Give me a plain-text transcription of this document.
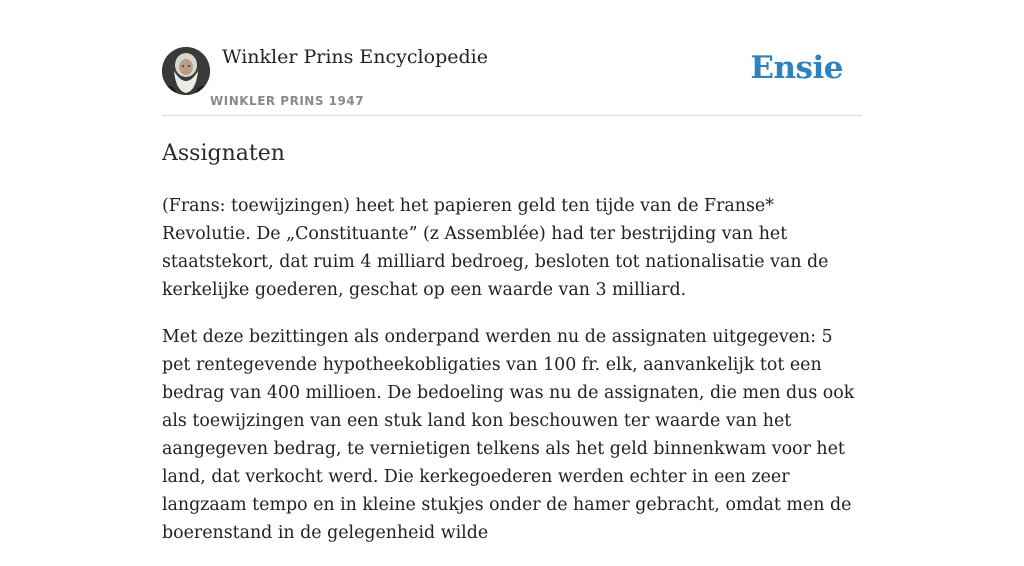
Winkler Prins Encyclopedie
WINKLER PRINS 1947
Ensie
Assignaten

(Frans: toewijzingen) heet het papieren geld ten tijde van de Franse* Revolutie. De „Constituante” (z Assemblée) had ter bestrijding van het staatstekort, dat ruim 4 milliard bedroeg, besloten tot nationalisatie van de kerkelijke goederen, geschat op een waarde van 3 milliard.

Met deze bezittingen als onderpand werden nu de assignaten uitgegeven: 5 pet rentegevende hypotheekobligaties van 100 fr. elk, aanvankelijk tot een bedrag van 400 millioen. De bedoeling was nu de assignaten, die men dus ook als toewijzingen van een stuk land kon beschouwen ter waarde van het aangegeven bedrag, te vernietigen telkens als het geld binnenkwam voor het land, dat verkocht werd. Die kerkegoederen werden echter in een zeer langzaam tempo en in kleine stukjes onder de hamer gebracht, omdat men de boerenstand in de gelegenheid wilde
